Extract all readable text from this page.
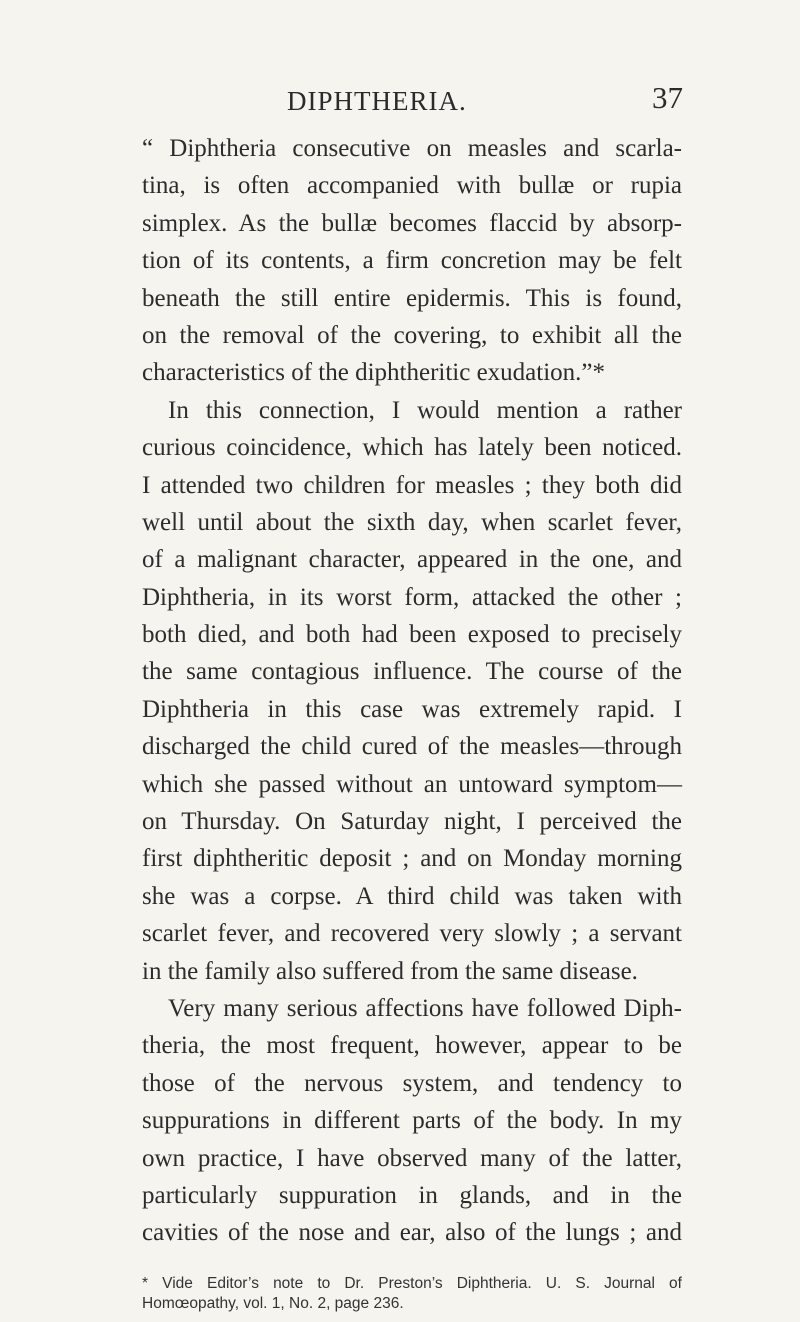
DIPHTHERIA.	37
“ Diphtheria consecutive on measles and scarla-
tina, is often accompanied with bullæ or rupia
simplex. As the bullæ becomes flaccid by absorp-
tion of its contents, a firm concretion may be felt
beneath the still entire epidermis. This is found,
on the removal of the covering, to exhibit all the
characteristics of the diphtheritic exudation.”*
In this connection, I would mention a rather
curious coincidence, which has lately been noticed.
I attended two children for measles ; they both did
well until about the sixth day, when scarlet fever,
of a malignant character, appeared in the one, and
Diphtheria, in its worst form, attacked the other ;
both died, and both had been exposed to precisely
the same contagious influence. The course of the
Diphtheria in this case was extremely rapid. I
discharged the child cured of the measles—through
which she passed without an untoward symptom—
on Thursday. On Saturday night, I perceived the
first diphtheritic deposit ; and on Monday morning
she was a corpse. A third child was taken with
scarlet fever, and recovered very slowly ; a servant
in the family also suffered from the same disease.
Very many serious affections have followed Diph-
theria, the most frequent, however, appear to be
those of the nervous system, and tendency to
suppurations in different parts of the body. In my
own practice, I have observed many of the latter,
particularly suppuration in glands, and in the
cavities of the nose and ear, also of the lungs ; and
* Vide Editor’s note to Dr. Preston’s Diphtheria. U. S. Journal of
Homœopathy, vol. 1, No. 2, page 236.
